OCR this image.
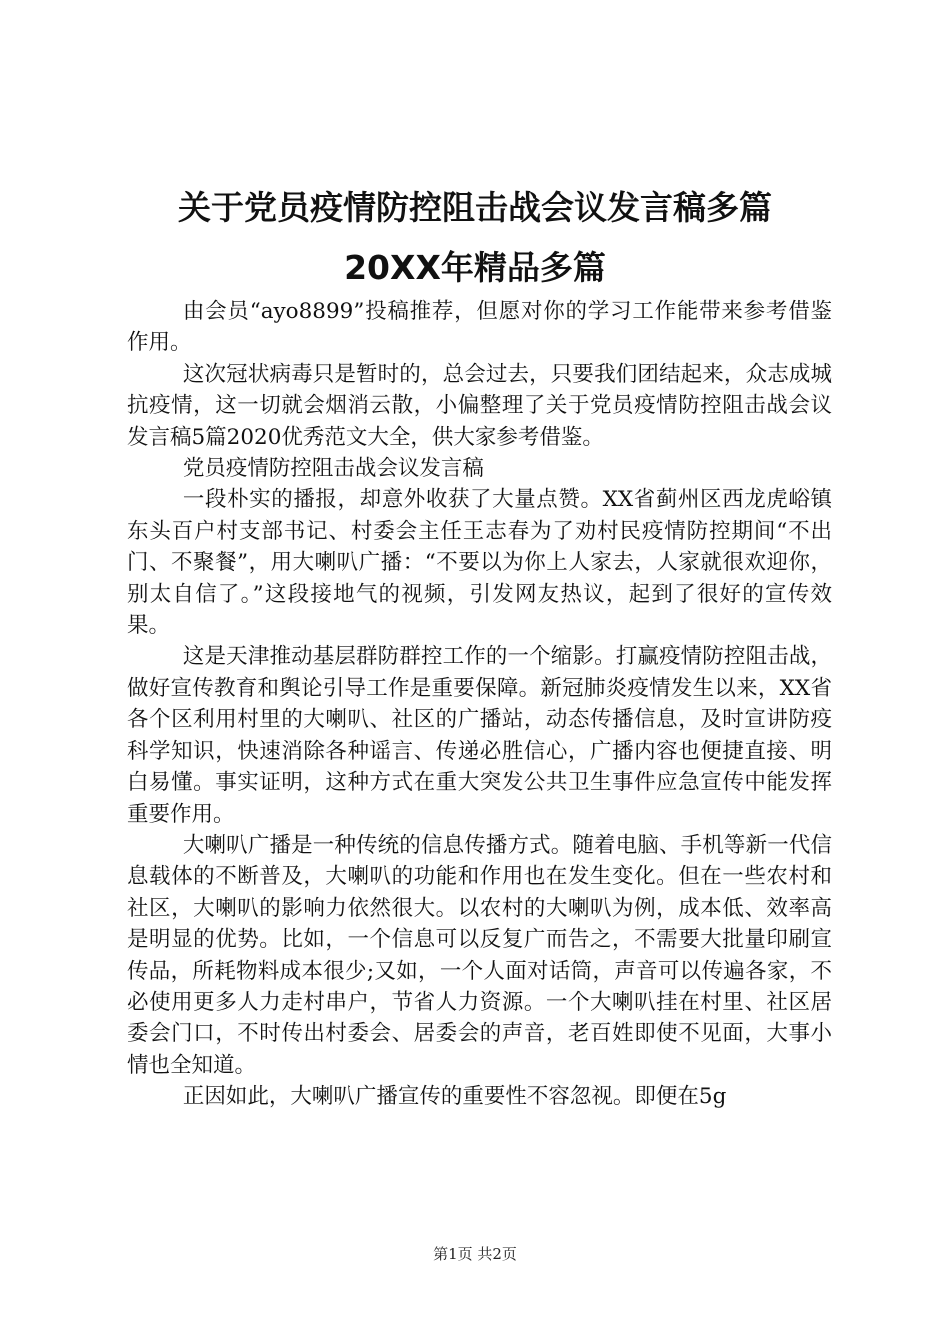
关于党员疫情防控阻击战会议发言稿多篇
20XX年精品多篇

由会员“ayo8899”投稿推荐，但愿对你的学习工作能带来参考借鉴作用。

这次冠状病毒只是暂时的，总会过去，只要我们团结起来，众志成城抗疫情，这一切就会烟消云散，小偏整理了关于党员疫情防控阻击战会议发言稿5篇2020优秀范文大全，供大家参考借鉴。

党员疫情防控阻击战会议发言稿

一段朴实的播报，却意外收获了大量点赞。XX省蓟州区西龙虎峪镇东头百户村支部书记、村委会主任王志春为了劝村民疫情防控期间“不出门、不聚餐”，用大喇叭广播：“不要以为你上人家去，人家就很欢迎你，别太自信了。”这段接地气的视频，引发网友热议，起到了很好的宣传效果。

这是天津推动基层群防群控工作的一个缩影。打赢疫情防控阻击战，做好宣传教育和舆论引导工作是重要保障。新冠肺炎疫情发生以来，XX省各个区利用村里的大喇叭、社区的广播站，动态传播信息，及时宣讲防疫科学知识，快速消除各种谣言、传递必胜信心，广播内容也便捷直接、明白易懂。事实证明，这种方式在重大突发公共卫生事件应急宣传中能发挥重要作用。

大喇叭广播是一种传统的信息传播方式。随着电脑、手机等新一代信息载体的不断普及，大喇叭的功能和作用也在发生变化。但在一些农村和社区，大喇叭的影响力依然很大。以农村的大喇叭为例，成本低、效率高是明显的优势。比如，一个信息可以反复广而告之，不需要大批量印刷宣传品，所耗物料成本很少;又如，一个人面对话筒，声音可以传遍各家，不必使用更多人力走村串户，节省人力资源。一个大喇叭挂在村里、社区居委会门口，不时传出村委会、居委会的声音，老百姓即使不见面，大事小情也全知道。

正因如此，大喇叭广播宣传的重要性不容忽视。即便在5g

第1页 共2页
